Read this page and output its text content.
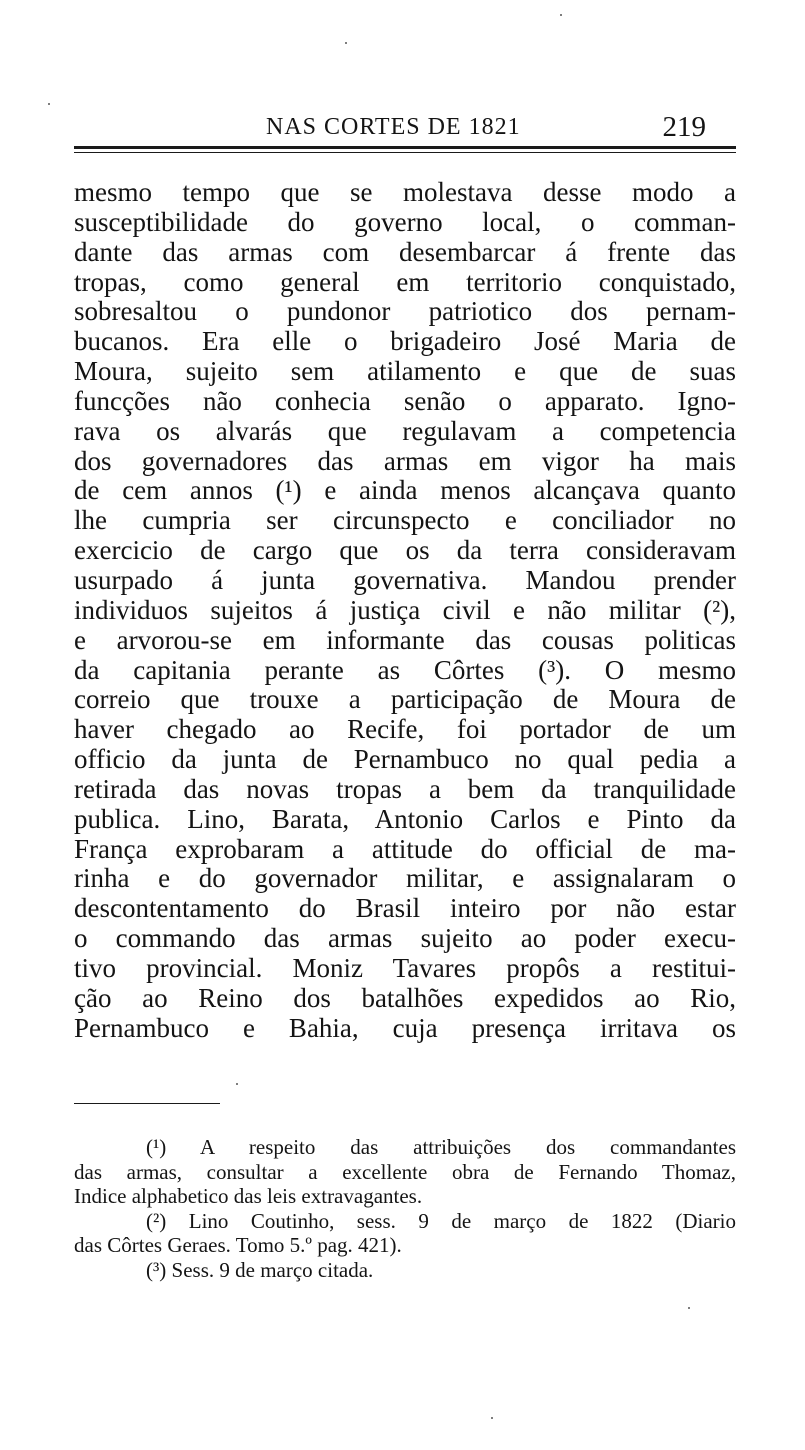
NAS CORTES DE 1821	219
mesmo tempo que se molestava desse modo a
susceptibilidade do governo local, o comman-
dante das armas com desembarcar á frente das
tropas, como general em territorio conquistado,
sobresaltou o pundonor patriotico dos pernam-
bucanos. Era elle o brigadeiro José Maria de
Moura, sujeito sem atilamento e que de suas
funcções não conhecia senão o apparato. Igno-
rava os alvarás que regulavam a competencia
dos governadores das armas em vigor ha mais
de cem annos (¹) e ainda menos alcançava quanto
lhe cumpria ser circunspecto e conciliador no
exercicio de cargo que os da terra consideravam
usurpado á junta governativa. Mandou prender
individuos sujeitos á justiça civil e não militar (²),
e arvorou-se em informante das cousas politicas
da capitania perante as Côrtes (³). O mesmo
correio que trouxe a participação de Moura de
haver chegado ao Recife, foi portador de um
officio da junta de Pernambuco no qual pedia a
retirada das novas tropas a bem da tranquilidade
publica. Lino, Barata, Antonio Carlos e Pinto da
França exprobaram a attitude do official de ma-
rinha e do governador militar, e assignalaram o
descontentamento do Brasil inteiro por não estar
o commando das armas sujeito ao poder execu-
tivo provincial. Moniz Tavares propôs a restitui-
ção ao Reino dos batalhões expedidos ao Rio,
Pernambuco e Bahia, cuja presença irritava os
(¹) A respeito das attribuições dos commandantes
das armas, consultar a excellente obra de Fernando Thomaz,
Indice alphabetico das leis extravagantes.
(²) Lino Coutinho, sess. 9 de março de 1822 (Diario
das Côrtes Geraes. Tomo 5.º pag. 421).
(³) Sess. 9 de março citada.
